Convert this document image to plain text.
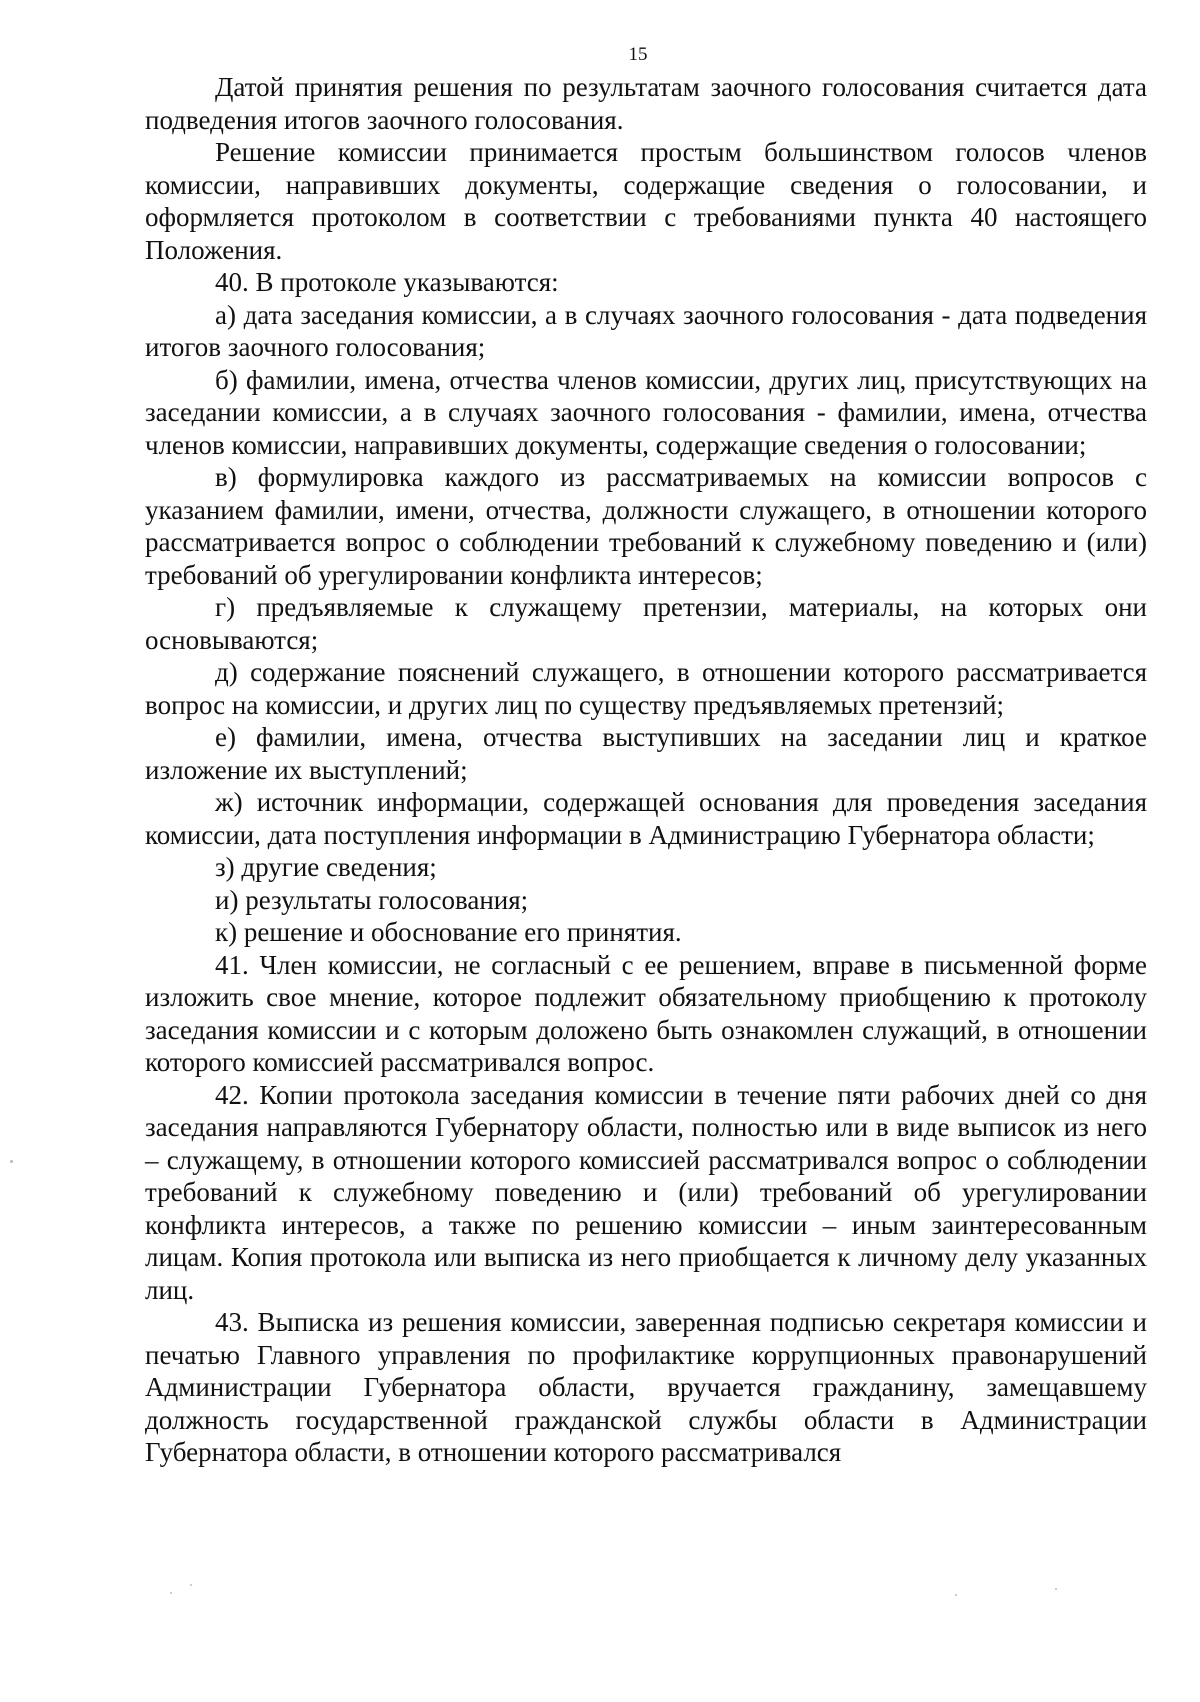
15

Датой принятия решения по результатам заочного голосования считается дата подведения итогов заочного голосования.

Решение комиссии принимается простым большинством голосов членов комиссии, направивших документы, содержащие сведения о голосовании, и оформляется протоколом в соответствии с требованиями пункта 40 настоящего Положения.

40. В протоколе указываются:

а) дата заседания комиссии, а в случаях заочного голосования - дата подведения итогов заочного голосования;

б) фамилии, имена, отчества членов комиссии, других лиц, присутствующих на заседании комиссии, а в случаях заочного голосования - фамилии, имена, отчества членов комиссии, направивших документы, содержащие сведения о голосовании;

в) формулировка каждого из рассматриваемых на комиссии вопросов с указанием фамилии, имени, отчества, должности служащего, в отношении которого рассматривается вопрос о соблюдении требований к служебному поведению и (или) требований об урегулировании конфликта интересов;

г) предъявляемые к служащему претензии, материалы, на которых они основываются;

д) содержание пояснений служащего, в отношении которого рассматривается вопрос на комиссии, и других лиц по существу предъявляемых претензий;

е) фамилии, имена, отчества выступивших на заседании лиц и краткое изложение их выступлений;

ж) источник информации, содержащей основания для проведения заседания комиссии, дата поступления информации в Администрацию Губернатора области;

з) другие сведения;

и) результаты голосования;

к) решение и обоснование его принятия.

41. Член комиссии, не согласный с ее решением, вправе в письменной форме изложить свое мнение, которое подлежит обязательному приобщению к протоколу заседания комиссии и с которым доложено быть ознакомлен служащий, в отношении которого комиссией рассматривался вопрос.

42. Копии протокола заседания комиссии в течение пяти рабочих дней со дня заседания направляются Губернатору области, полностью или в виде выписок из него – служащему, в отношении которого комиссией рассматривался вопрос о соблюдении требований к служебному поведению и (или) требований об урегулировании конфликта интересов, а также по решению комиссии – иным заинтересованным лицам. Копия протокола или выписка из него приобщается к личному делу указанных лиц.

43. Выписка из решения комиссии, заверенная подписью секретаря комиссии и печатью Главного управления по профилактике коррупционных правонарушений Администрации Губернатора области, вручается гражданину, замещавшему должность государственной гражданской службы области в Администрации Губернатора области, в отношении которого рассматривался
